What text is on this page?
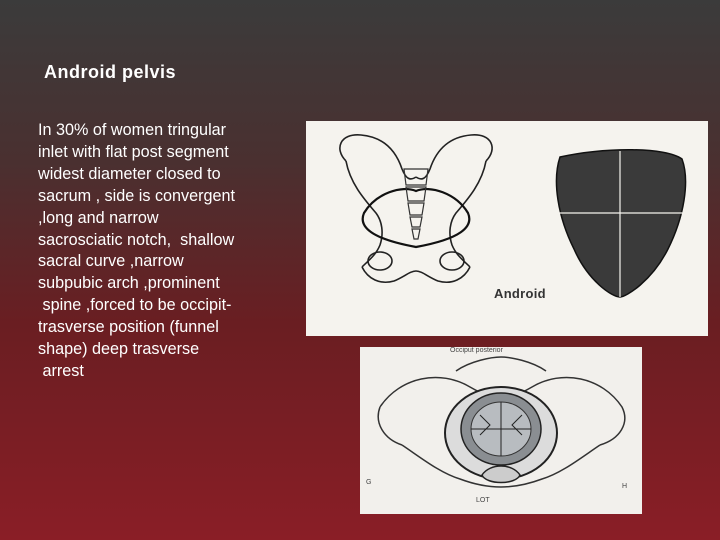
Android pelvis
In 30% of women tringular
inlet with flat post segment
widest diameter closed to
sacrum , side is convergent
,long and narrow
sacrosciatic notch,  shallow
sacral curve ,narrow
subpubic arch ,prominent
spine ,forced to be occipit-
trasverse position (funnel
shape) deep trasverse
arrest
Android
Occiput posterior
G
LOT
H
